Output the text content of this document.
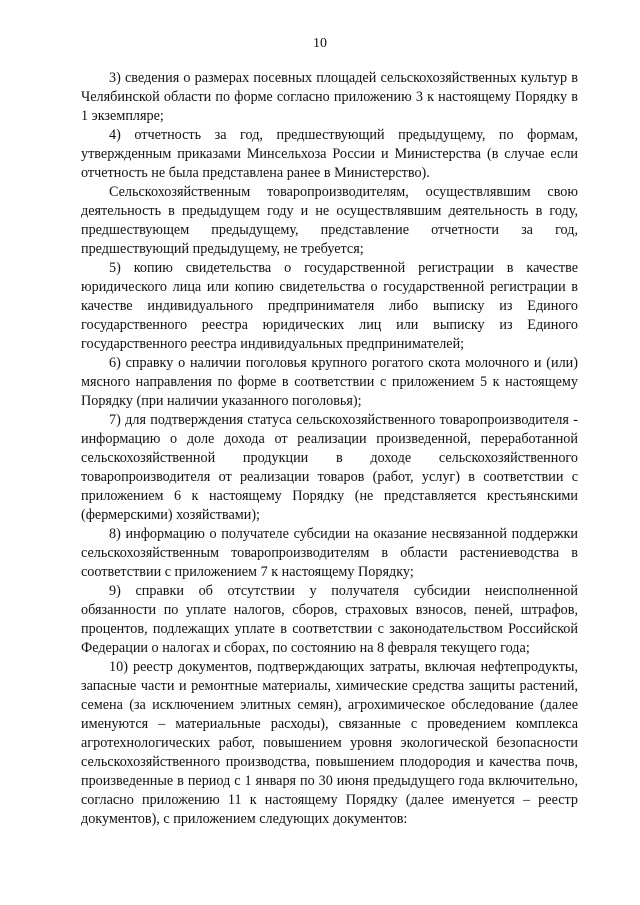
10

3) сведения о размерах посевных площадей сельскохозяйственных культур в Челябинской области по форме согласно приложению 3 к настоящему Порядку в 1 экземпляре;

4) отчетность за год, предшествующий предыдущему, по формам, утвержденным приказами Минсельхоза России и Министерства (в случае если отчетность не была представлена ранее в Министерство).

Сельскохозяйственным товаропроизводителям, осуществлявшим свою деятельность в предыдущем году и не осуществлявшим деятельность в году, предшествующем предыдущему, представление отчетности за год, предшествующий предыдущему, не требуется;

5) копию свидетельства о государственной регистрации в качестве юридического лица или копию свидетельства о государственной регистрации в качестве индивидуального предпринимателя либо выписку из Единого государственного реестра юридических лиц или выписку из Единого государственного реестра индивидуальных предпринимателей;

6) справку о наличии поголовья крупного рогатого скота молочного и (или) мясного направления по форме в соответствии с приложением 5 к настоящему Порядку (при наличии указанного поголовья);

7) для подтверждения статуса сельскохозяйственного товаропроизводителя - информацию о доле дохода от реализации произведенной, переработанной сельскохозяйственной продукции в доходе сельскохозяйственного товаропроизводителя от реализации товаров (работ, услуг) в соответствии с приложением 6 к настоящему Порядку (не представляется крестьянскими (фермерскими) хозяйствами);

8) информацию о получателе субсидии на оказание несвязанной поддержки сельскохозяйственным товаропроизводителям в области растениеводства в соответствии с приложением 7 к настоящему Порядку;

9) справки об отсутствии у получателя субсидии неисполненной обязанности по уплате налогов, сборов, страховых взносов, пеней, штрафов, процентов, подлежащих уплате в соответствии с законодательством Российской Федерации о налогах и сборах, по состоянию на 8 февраля текущего года;

10) реестр документов, подтверждающих затраты, включая нефтепродукты, запасные части и ремонтные материалы, химические средства защиты растений, семена (за исключением элитных семян), агрохимическое обследование (далее именуются – материальные расходы), связанные с проведением комплекса агротехнологических работ, повышением уровня экологической безопасности сельскохозяйственного производства, повышением плодородия и качества почв, произведенные в период с 1 января по 30 июня предыдущего года включительно, согласно приложению 11 к настоящему Порядку (далее именуется – реестр документов), с приложением следующих документов:
